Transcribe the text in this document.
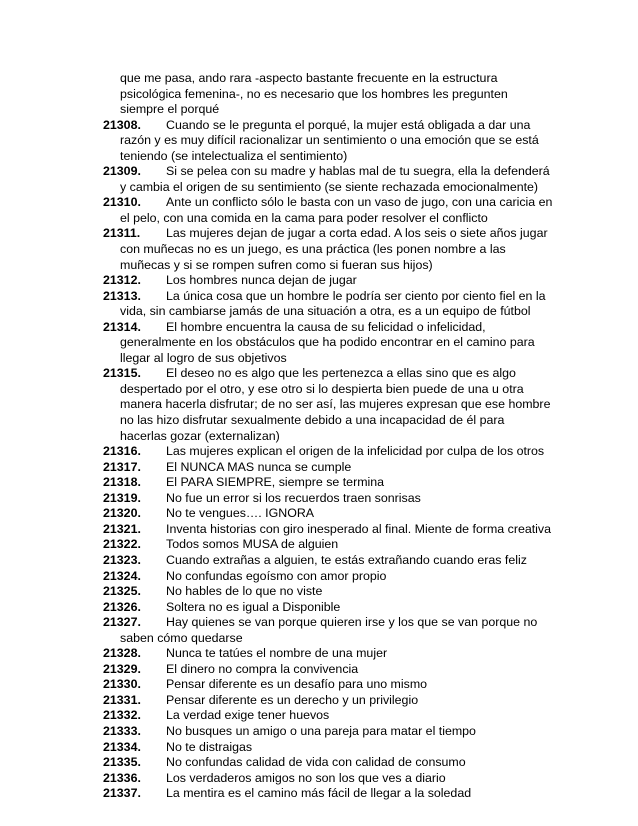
que me pasa, ando rara -aspecto bastante frecuente en la estructura psicológica femenina-, no es necesario que los hombres les pregunten siempre el porqué
21308. Cuando se le pregunta el porqué, la mujer está obligada a dar una razón y es muy difícil racionalizar un sentimiento o una emoción que se está teniendo (se intelectualiza el sentimiento)
21309. Si se pelea con su madre y hablas mal de tu suegra, ella la defenderá y cambia el origen de su sentimiento (se siente rechazada emocionalmente)
21310. Ante un conflicto sólo le basta con un vaso de jugo, con una caricia en el pelo, con una comida en la cama para poder resolver el conflicto
21311. Las mujeres dejan de jugar a corta edad. A los seis o siete años jugar con muñecas no es un juego, es una práctica (les ponen nombre a las muñecas y si se rompen sufren como si fueran sus hijos)
21312. Los hombres nunca dejan de jugar
21313. La única cosa que un hombre le podría ser ciento por ciento fiel en la vida, sin cambiarse jamás de una situación a otra, es a un equipo de fútbol
21314. El hombre encuentra la causa de su felicidad o infelicidad, generalmente en los obstáculos que ha podido encontrar en el camino para llegar al logro de sus objetivos
21315. El deseo no es algo que les pertenezca a ellas sino que es algo despertado por el otro, y ese otro si lo despierta bien puede de una u otra manera hacerla disfrutar; de no ser así, las mujeres expresan que ese hombre no las hizo disfrutar sexualmente debido a una incapacidad de él para hacerlas gozar (externalizan)
21316. Las mujeres explican el origen de la infelicidad por culpa de los otros
21317. El NUNCA MAS nunca se cumple
21318. El PARA SIEMPRE, siempre se termina
21319. No fue un error si los recuerdos traen sonrisas
21320. No te vengues…. IGNORA
21321. Inventa historias con giro inesperado al final. Miente de forma creativa
21322. Todos somos MUSA de alguien
21323. Cuando extrañas a alguien, te estás extrañando cuando eras feliz
21324. No confundas egoísmo con amor propio
21325. No hables de lo que no viste
21326. Soltera no es igual a Disponible
21327. Hay quienes se van porque quieren irse y los que se van porque no saben cómo quedarse
21328. Nunca te tatúes el nombre de una mujer
21329. El dinero no compra la convivencia
21330. Pensar diferente es un desafío para uno mismo
21331. Pensar diferente es un derecho y un privilegio
21332. La verdad exige tener huevos
21333. No busques un amigo o una pareja para matar el tiempo
21334. No te distraigas
21335. No confundas calidad de vida con calidad de consumo
21336. Los verdaderos amigos no son los que ves a diario
21337. La mentira es el camino más fácil de llegar a la soledad
